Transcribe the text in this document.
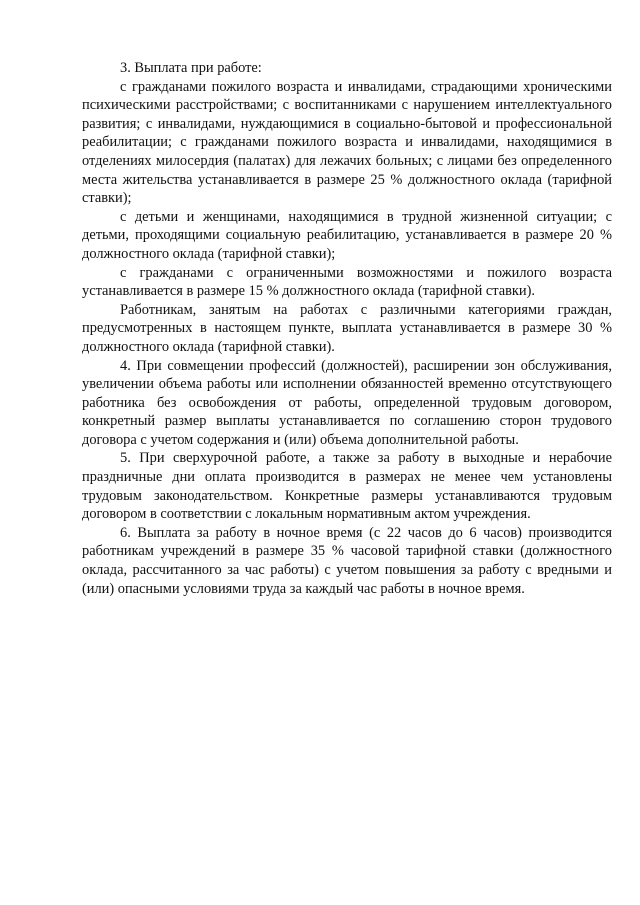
3. Выплата при работе:

с гражданами пожилого возраста и инвалидами, страдающими хроническими психическими расстройствами; с воспитанниками с нарушением интеллектуального развития; с инвалидами, нуждающимися в социально-бытовой и профессиональной реабилитации; с гражданами пожилого возраста и инвалидами, находящимися в отделениях милосердия (палатах) для лежачих больных; с лицами без определенного места жительства устанавливается в размере 25 % должностного оклада (тарифной ставки);

с детьми и женщинами, находящимися в трудной жизненной ситуации; с детьми, проходящими социальную реабилитацию, устанавливается в размере 20 % должностного оклада (тарифной ставки);

с гражданами с ограниченными возможностями и пожилого возраста устанавливается в размере 15 % должностного оклада (тарифной ставки).

Работникам, занятым на работах с различными категориями граждан, предусмотренных в настоящем пункте, выплата устанавливается в размере 30 % должностного оклада (тарифной ставки).

4. При совмещении профессий (должностей), расширении зон обслуживания, увеличении объема работы или исполнении обязанностей временно отсутствующего работника без освобождения от работы, определенной трудовым договором, конкретный размер выплаты устанавливается по соглашению сторон трудового договора с учетом содержания и (или) объема дополнительной работы.

5. При сверхурочной работе, а также за работу в выходные и нерабочие праздничные дни оплата производится в размерах не менее чем установлены трудовым законодательством. Конкретные размеры устанавливаются трудовым договором в соответствии с локальным нормативным актом учреждения.

6. Выплата за работу в ночное время (с 22 часов до 6 часов) производится работникам учреждений в размере 35 % часовой тарифной ставки (должностного оклада, рассчитанного за час работы) с учетом повышения за работу с вредными и (или) опасными условиями труда за каждый час работы в ночное время.
